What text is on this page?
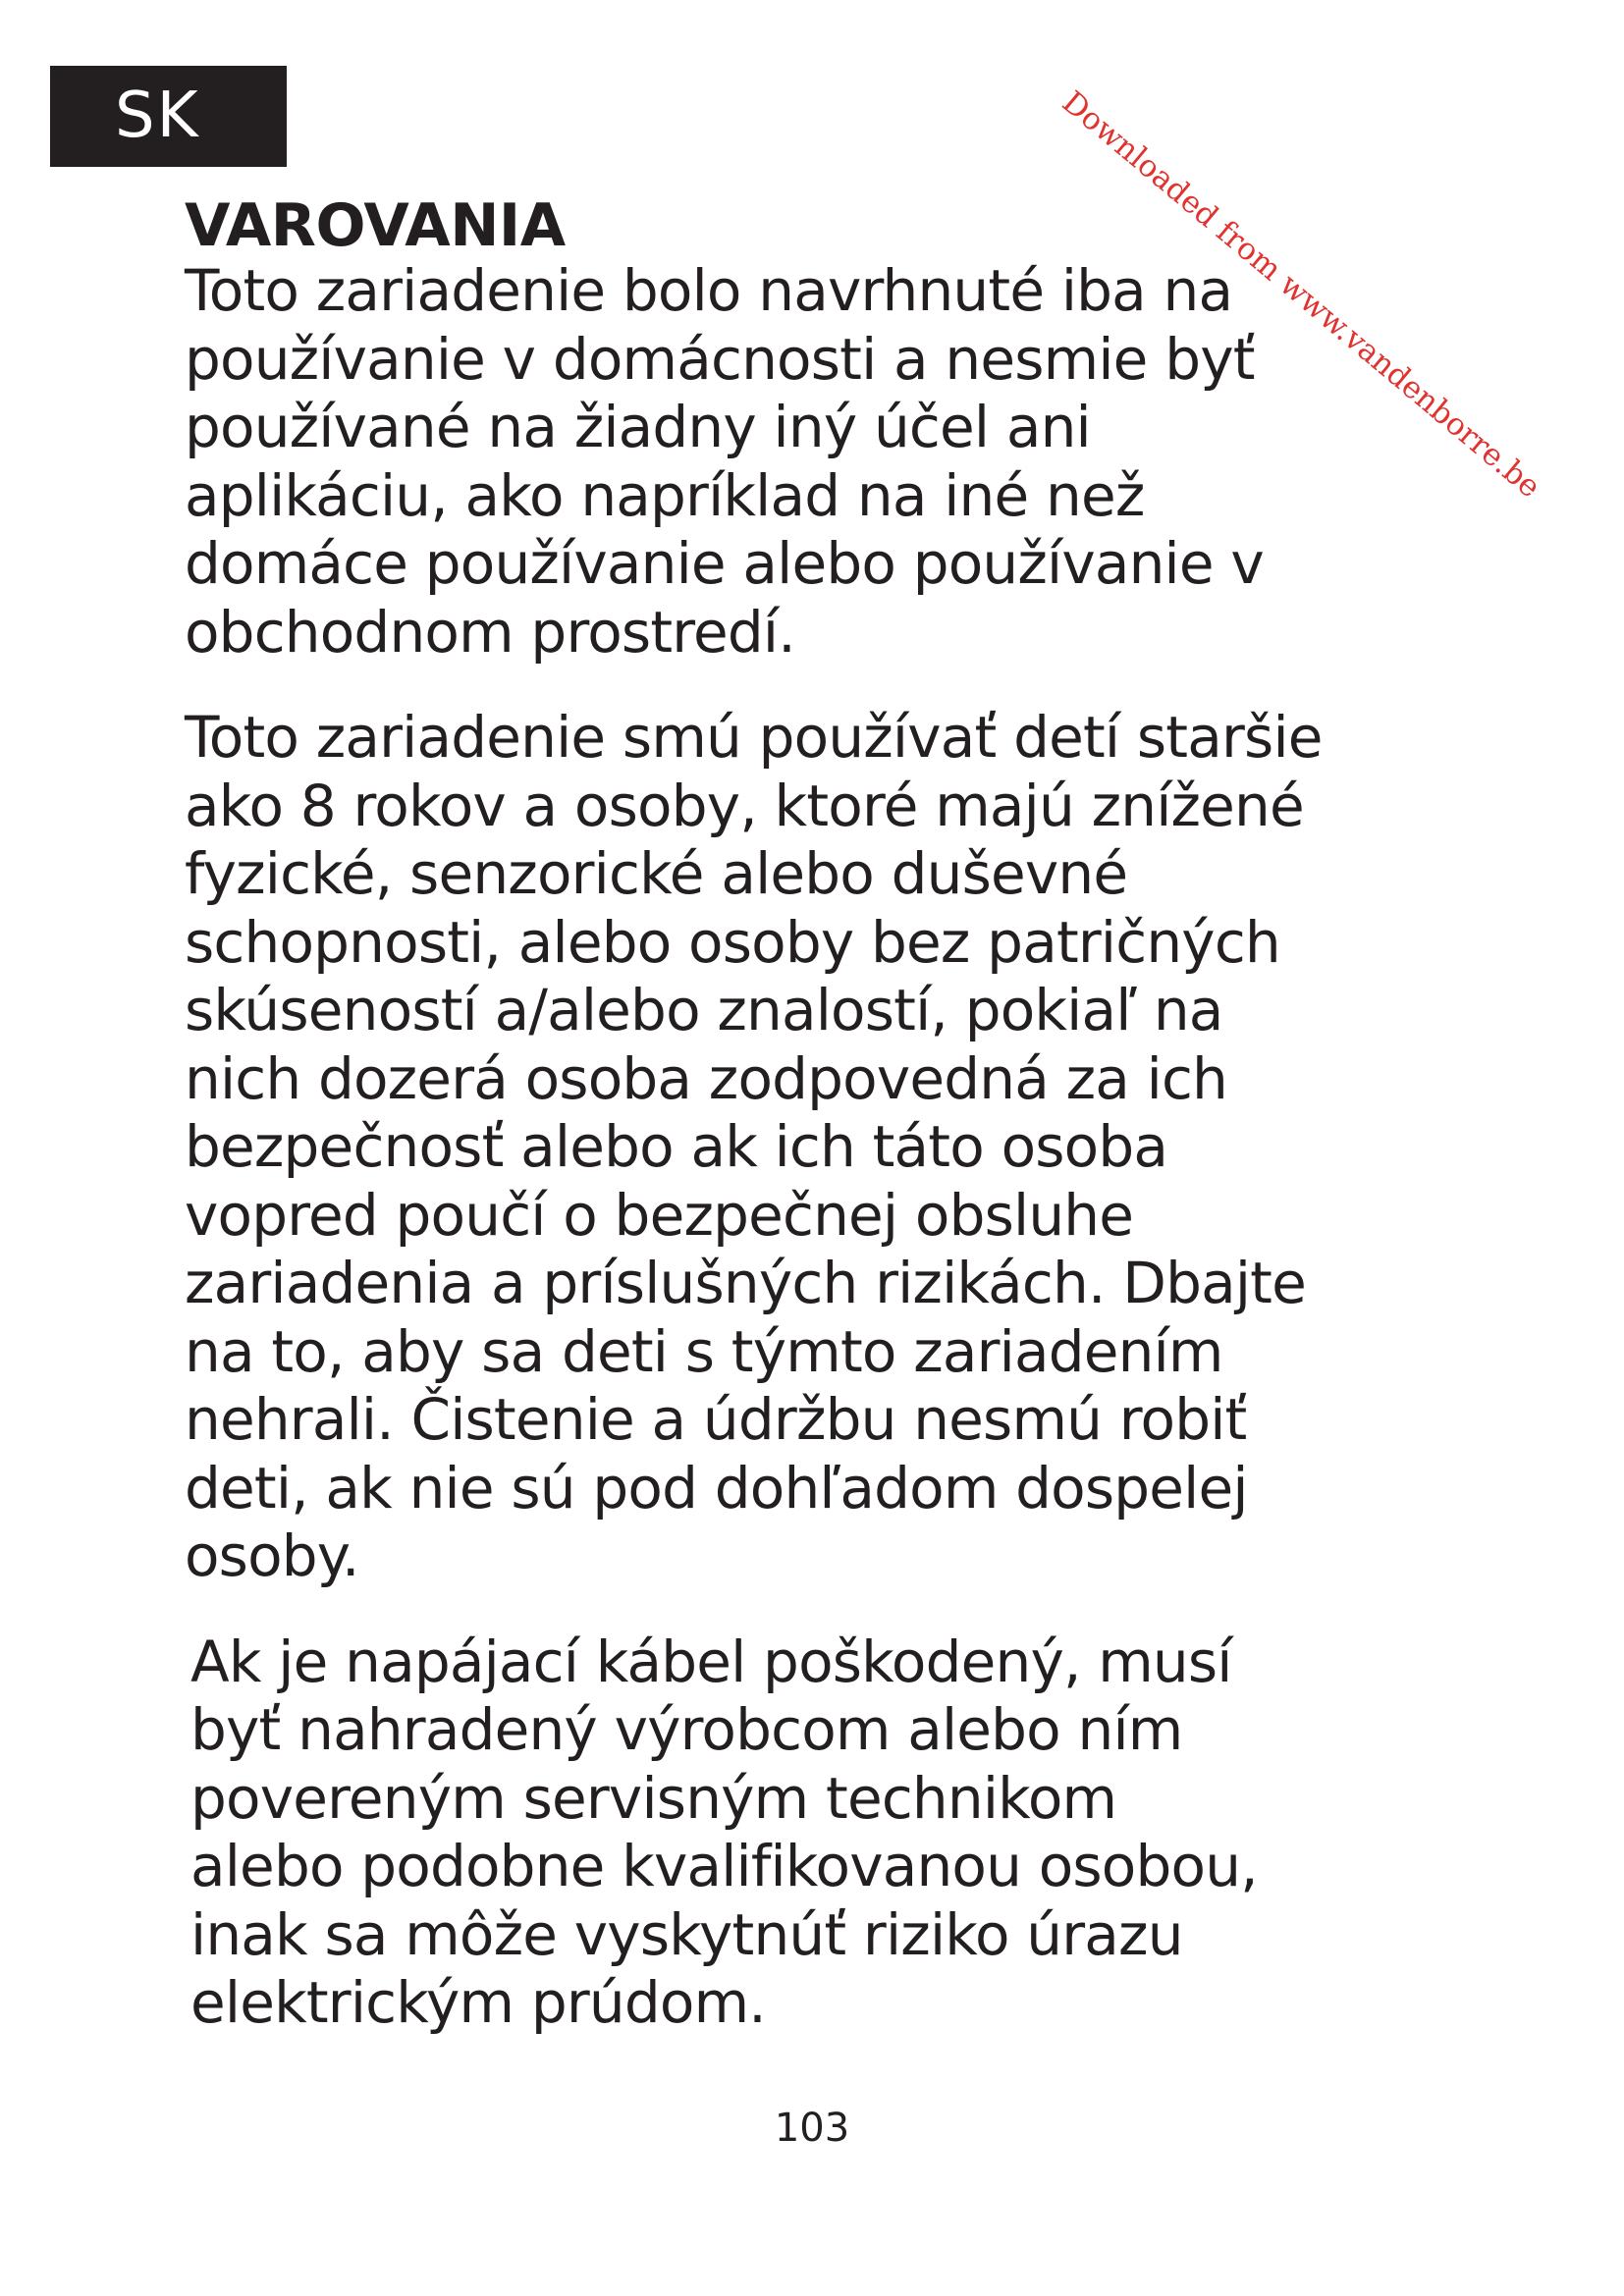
SK
VAROVANIA

Toto zariadenie bolo navrhnuté iba na
používanie v domácnosti a nesmie byť
používané na žiadny iný účel ani
aplikáciu, ako napríklad na iné než
domáce používanie alebo používanie v
obchodnom prostredí.

Toto zariadenie smú používať detí staršie
ako 8 rokov a osoby, ktoré majú znížené
fyzické, senzorické alebo duševné
schopnosti, alebo osoby bez patričných
skúseností a/alebo znalostí, pokiaľ na
nich dozerá osoba zodpovedná za ich
bezpečnosť alebo ak ich táto osoba
vopred poučí o bezpečnej obsluhe
zariadenia a príslušných rizikách. Dbajte
na to, aby sa deti s týmto zariadením
nehrali. Čistenie a údržbu nesmú robiť
deti, ak nie sú pod dohľadom dospelej
osoby.

Ak je napájací kábel poškodený, musí
byť nahradený výrobcom alebo ním
povereným servisným technikom
alebo podobne kvalifikovanou osobou,
inak sa môže vyskytnúť riziko úrazu
elektrickým prúdom.

103
Downloaded from www.vandenborre.be
